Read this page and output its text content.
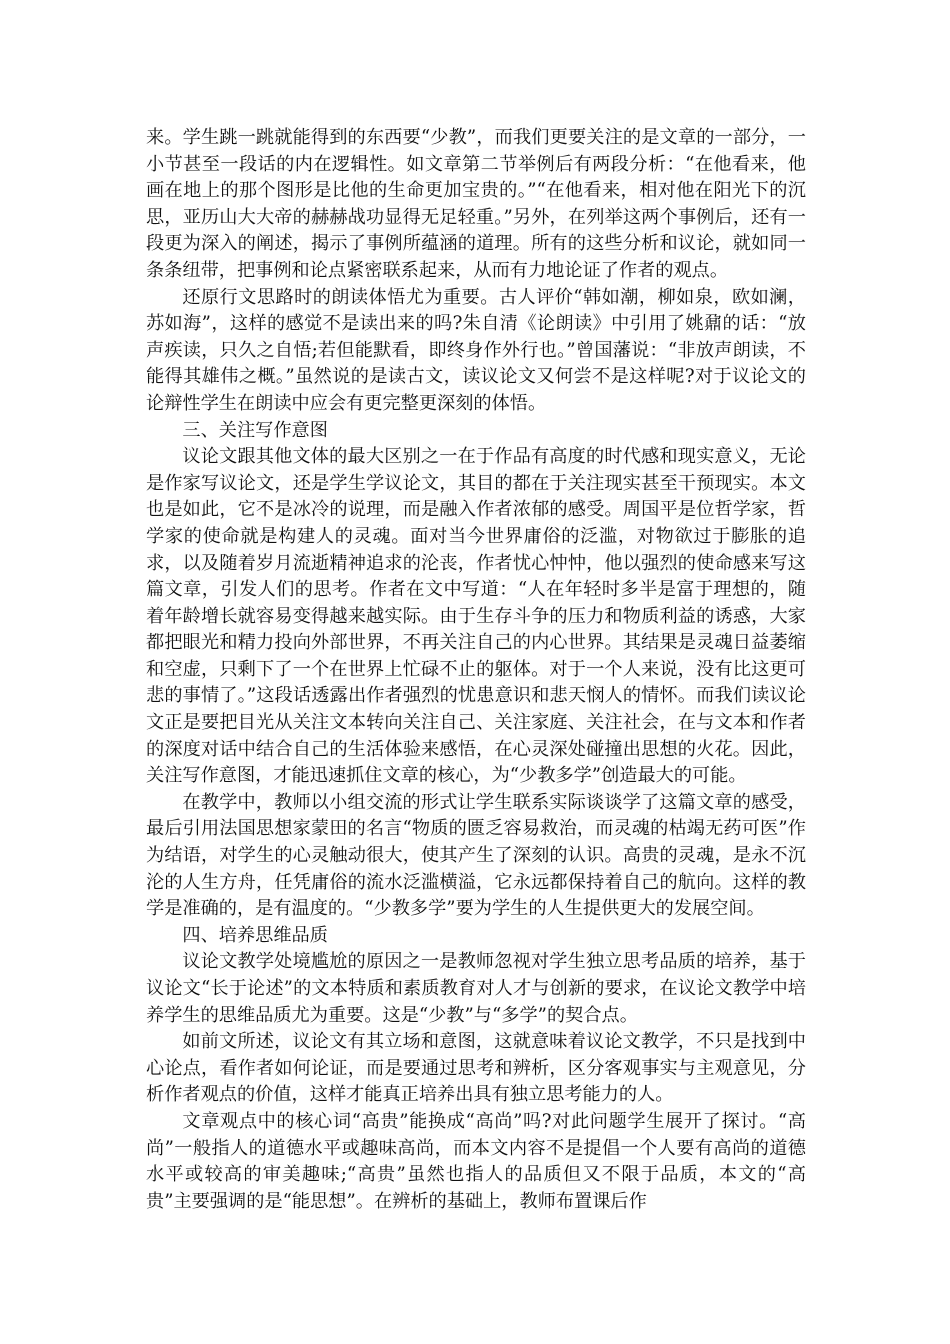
来。学生跳一跳就能得到的东西要“少教”，而我们更要关注的是文章的一部分，一小节甚至一段话的内在逻辑性。如文章第二节举例后有两段分析：“在他看来，他画在地上的那个图形是比他的生命更加宝贵的。”“在他看来，相对他在阳光下的沉思，亚历山大大帝的赫赫战功显得无足轻重。”另外，在列举这两个事例后，还有一段更为深入的阐述，揭示了事例所蕴涵的道理。所有的这些分析和议论，就如同一条条纽带，把事例和论点紧密联系起来，从而有力地论证了作者的观点。

还原行文思路时的朗读体悟尤为重要。古人评价“韩如潮，柳如泉，欧如澜，苏如海”，这样的感觉不是读出来的吗?朱自清《论朗读》中引用了姚鼐的话：“放声疾读，只久之自悟;若但能默看，即终身作外行也。”曾国藩说：“非放声朗读，不能得其雄伟之概。”虽然说的是读古文，读议论文又何尝不是这样呢?对于议论文的论辩性学生在朗读中应会有更完整更深刻的体悟。

三、关注写作意图

议论文跟其他文体的最大区别之一在于作品有高度的时代感和现实意义，无论是作家写议论文，还是学生学议论文，其目的都在于关注现实甚至干预现实。本文也是如此，它不是冰冷的说理，而是融入作者浓郁的感受。周国平是位哲学家，哲学家的使命就是构建人的灵魂。面对当今世界庸俗的泛滥，对物欲过于膨胀的追求，以及随着岁月流逝精神追求的沦丧，作者忧心忡忡，他以强烈的使命感来写这篇文章，引发人们的思考。作者在文中写道：“人在年轻时多半是富于理想的，随着年龄增长就容易变得越来越实际。由于生存斗争的压力和物质利益的诱惑，大家都把眼光和精力投向外部世界，不再关注自己的内心世界。其结果是灵魂日益萎缩和空虚，只剩下了一个在世界上忙碌不止的躯体。对于一个人来说，没有比这更可悲的事情了。”这段话透露出作者强烈的忧患意识和悲天悯人的情怀。而我们读议论文正是要把目光从关注文本转向关注自己、关注家庭、关注社会，在与文本和作者的深度对话中结合自己的生活体验来感悟，在心灵深处碰撞出思想的火花。因此，关注写作意图，才能迅速抓住文章的核心，为“少教多学”创造最大的可能。

在教学中，教师以小组交流的形式让学生联系实际谈谈学了这篇文章的感受，最后引用法国思想家蒙田的名言“物质的匮乏容易救治，而灵魂的枯竭无药可医”作为结语，对学生的心灵触动很大，使其产生了深刻的认识。高贵的灵魂，是永不沉沦的人生方舟，任凭庸俗的流水泛滥横溢，它永远都保持着自己的航向。这样的教学是准确的，是有温度的。“少教多学”要为学生的人生提供更大的发展空间。

四、培养思维品质

议论文教学处境尴尬的原因之一是教师忽视对学生独立思考品质的培养，基于议论文“长于论述”的文本特质和素质教育对人才与创新的要求，在议论文教学中培养学生的思维品质尤为重要。这是“少教”与“多学”的契合点。

如前文所述，议论文有其立场和意图，这就意味着议论文教学，不只是找到中心论点，看作者如何论证，而是要通过思考和辨析，区分客观事实与主观意见，分析作者观点的价值，这样才能真正培养出具有独立思考能力的人。

文章观点中的核心词“高贵”能换成“高尚”吗?对此问题学生展开了探讨。“高尚”一般指人的道德水平或趣味高尚，而本文内容不是提倡一个人要有高尚的道德水平或较高的审美趣味;“高贵”虽然也指人的品质但又不限于品质，本文的“高贵”主要强调的是“能思想”。在辨析的基础上，教师布置课后作
